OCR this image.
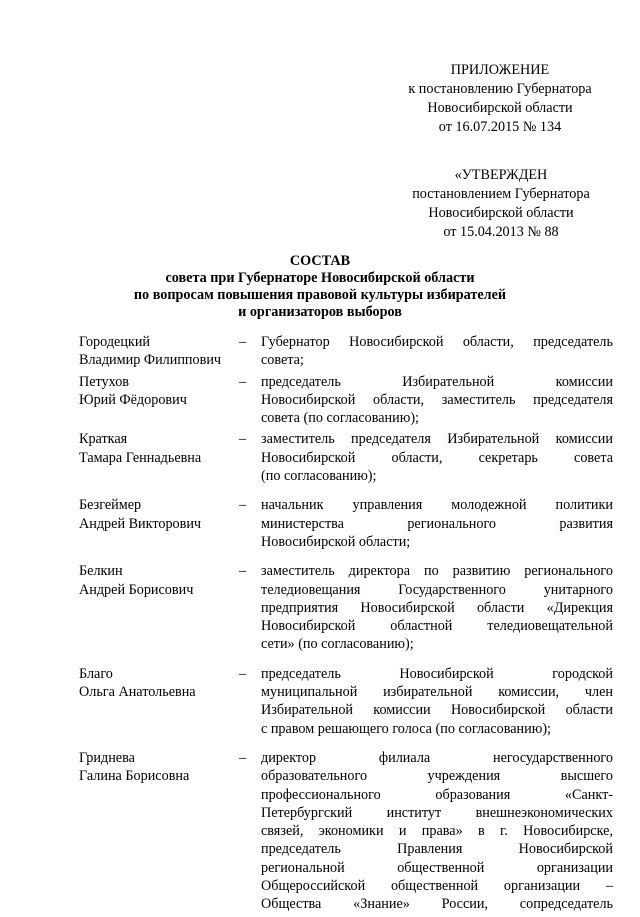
ПРИЛОЖЕНИЕ
к постановлению Губернатора
Новосибирской области
от 16.07.2015 № 134
«УТВЕРЖДЕН
постановлением Губернатора
Новосибирской области
от 15.04.2013 № 88
СОСТАВ
совета при Губернаторе Новосибирской области
по вопросам повышения правовой культуры избирателей
и организаторов выборов
Городецкий
Владимир Филиппович
–	Губернатор Новосибирской области, председатель
совета;
Петухов
Юрий Фёдорович
–	председатель Избирательной комиссии
Новосибирской области, заместитель председателя
совета (по согласованию);
Краткая
Тамара Геннадьевна
–	заместитель председателя Избирательной комиссии
Новосибирской области, секретарь совета
(по согласованию);
Безгеймер
Андрей Викторович
–	начальник управления молодежной политики
министерства регионального развития
Новосибирской области;
Белкин
Андрей Борисович
–	заместитель директора по развитию регионального
теледиовещания Государственного унитарного
предприятия Новосибирской области «Дирекция
Новосибирской областной теледиовещательной
сети» (по согласованию);
Благо
Ольга Анатольевна
–	председатель Новосибирской городской
муниципальной избирательной комиссии, член
Избирательной комиссии Новосибирской области
с правом решающего голоса (по согласованию);
Гриднева
Галина Борисовна
–	директор филиала негосударственного
образовательного учреждения высшего
профессионального образования «Санкт-
Петербургский институт внешнеэкономических
связей, экономики и права» в г. Новосибирске,
председатель Правления Новосибирской
региональной общественной организации
Общероссийской общественной организации –
Общества «Знание» России, сопредседатель
